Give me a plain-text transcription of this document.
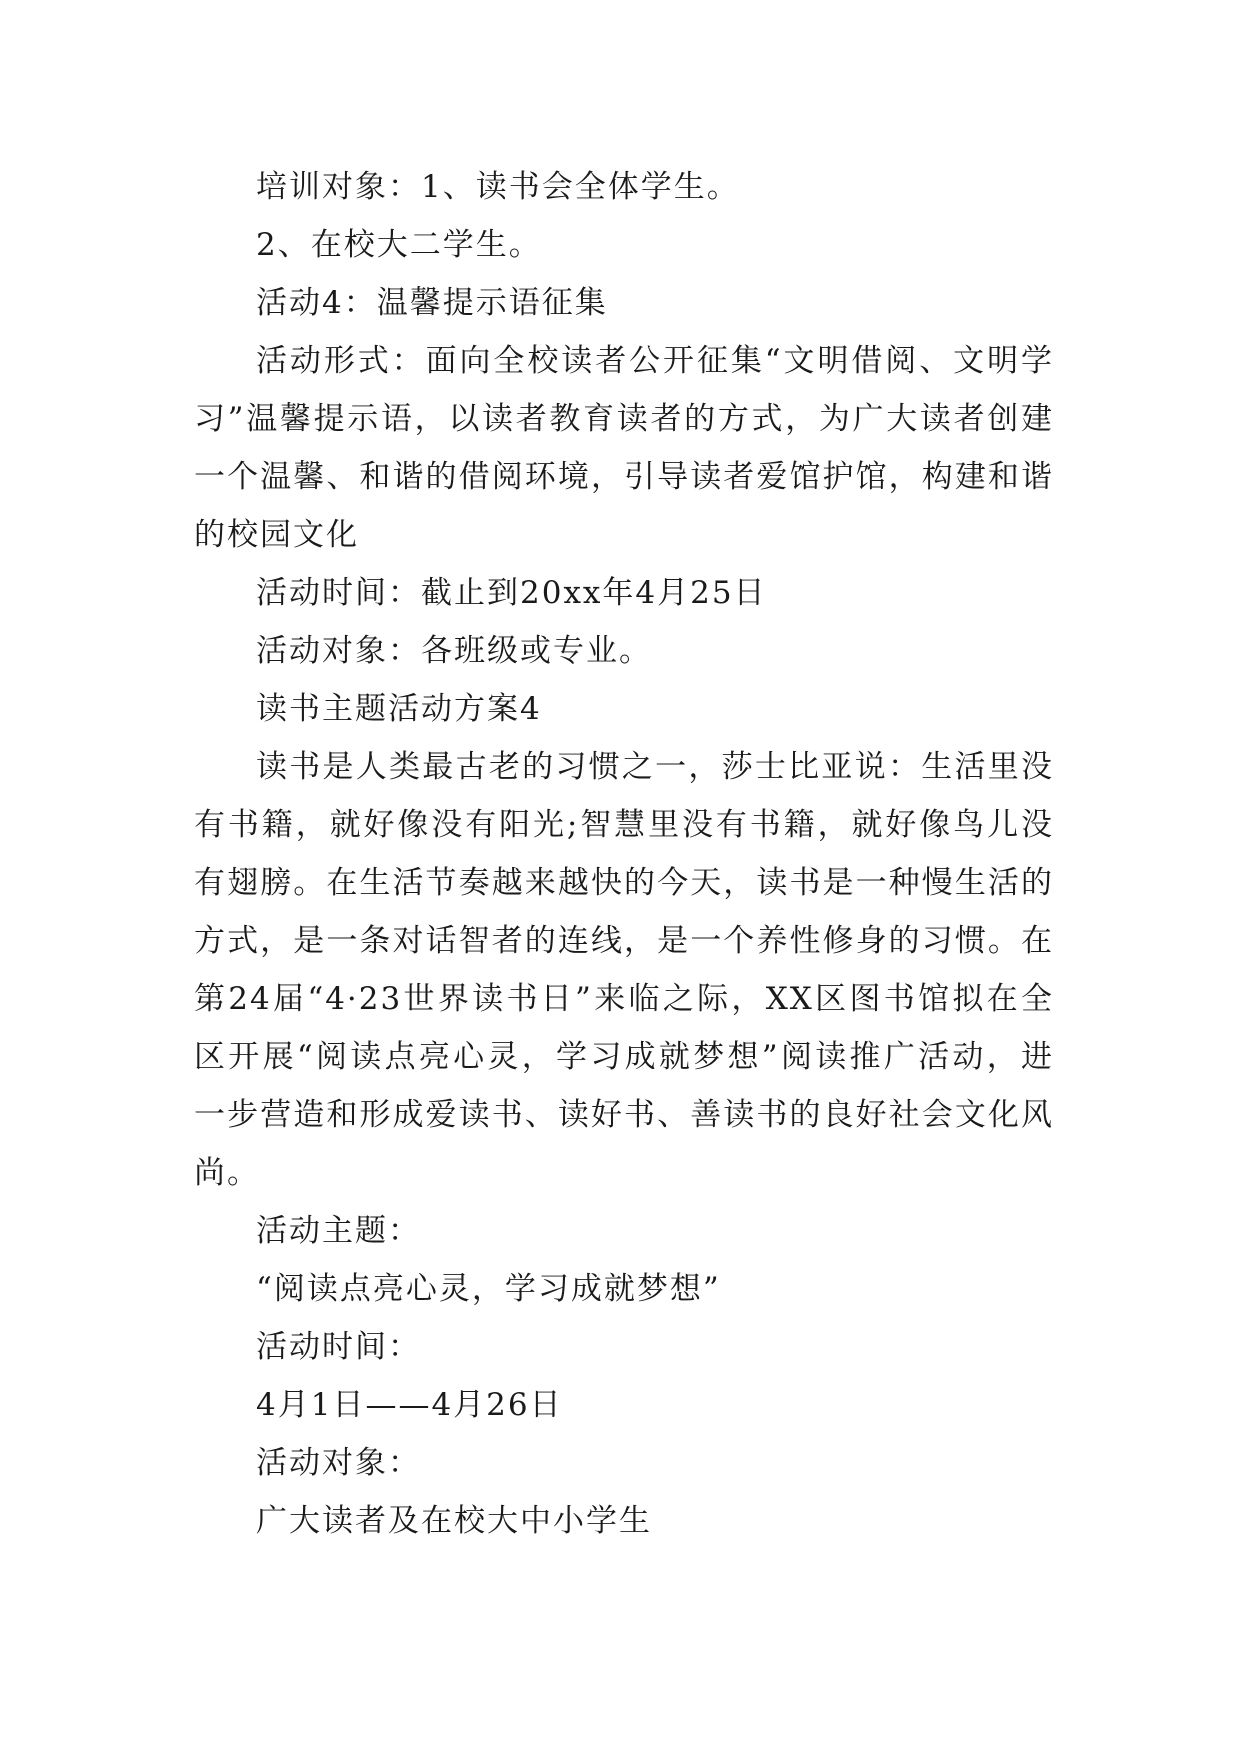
培训对象：1、读书会全体学生。

2、在校大二学生。

活动4：温馨提示语征集

活动形式：面向全校读者公开征集“文明借阅、文明学习”温馨提示语，以读者教育读者的方式，为广大读者创建一个温馨、和谐的借阅环境，引导读者爱馆护馆，构建和谐的校园文化

活动时间：截止到20xx年4月25日

活动对象：各班级或专业。

读书主题活动方案4

读书是人类最古老的习惯之一，莎士比亚说：生活里没有书籍，就好像没有阳光;智慧里没有书籍，就好像鸟儿没有翅膀。在生活节奏越来越快的今天，读书是一种慢生活的方式，是一条对话智者的连线，是一个养性修身的习惯。在第24届“4·23世界读书日”来临之际，XX区图书馆拟在全区开展“阅读点亮心灵，学习成就梦想”阅读推广活动，进一步营造和形成爱读书、读好书、善读书的良好社会文化风尚。

活动主题：

“阅读点亮心灵，学习成就梦想”

活动时间：

4月1日——4月26日

活动对象：

广大读者及在校大中小学生
